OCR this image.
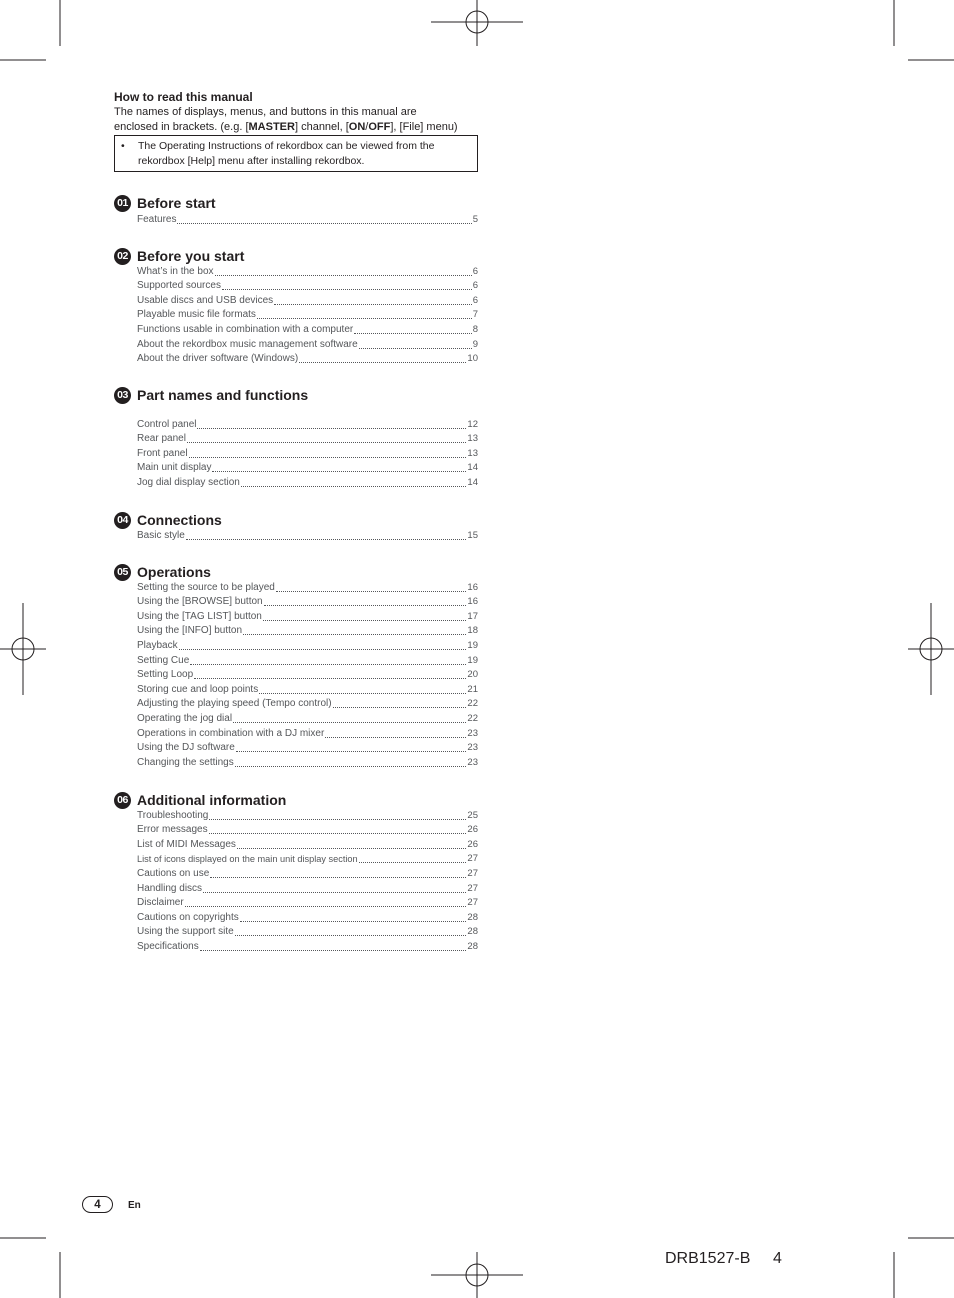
How to read this manual

The names of displays, menus, and buttons in this manual are

enclosed in brackets. (e.g. [MASTER] channel, [ON/OFF], [File] menu)

• The Operating Instructions of rekordbox can be viewed from the
rekordbox [Help] menu after installing rekordbox.
01 Before start
Features	5
02 Before you start
What’s in the box	6
Supported sources	6
Usable discs and USB devices	6
Playable music file formats	7
Functions usable in combination with a computer	8
About the rekordbox music management software	9
About the driver software (Windows)	10
03 Part names and functions
Control panel	12
Rear panel	13
Front panel	13
Main unit display	14
Jog dial display section	14
04 Connections
Basic style	15
05 Operations
Setting the source to be played	16
Using the [BROWSE] button	16
Using the [TAG LIST] button	17
Using the [INFO] button	18
Playback	19
Setting Cue	19
Setting Loop	20
Storing cue and loop points	21
Adjusting the playing speed (Tempo control)	22
Operating the jog dial	22
Operations in combination with a DJ mixer	23
Using the DJ software	23
Changing the settings	23
06 Additional information
Troubleshooting	25
Error messages	26
List of MIDI Messages	26
List of icons displayed on the main unit display section	27
Cautions on use	27
Handling discs	27
Disclaimer	27
Cautions on copyrights	28
Using the support site	28
Specifications	28
4	En
DRB1527-B 4
